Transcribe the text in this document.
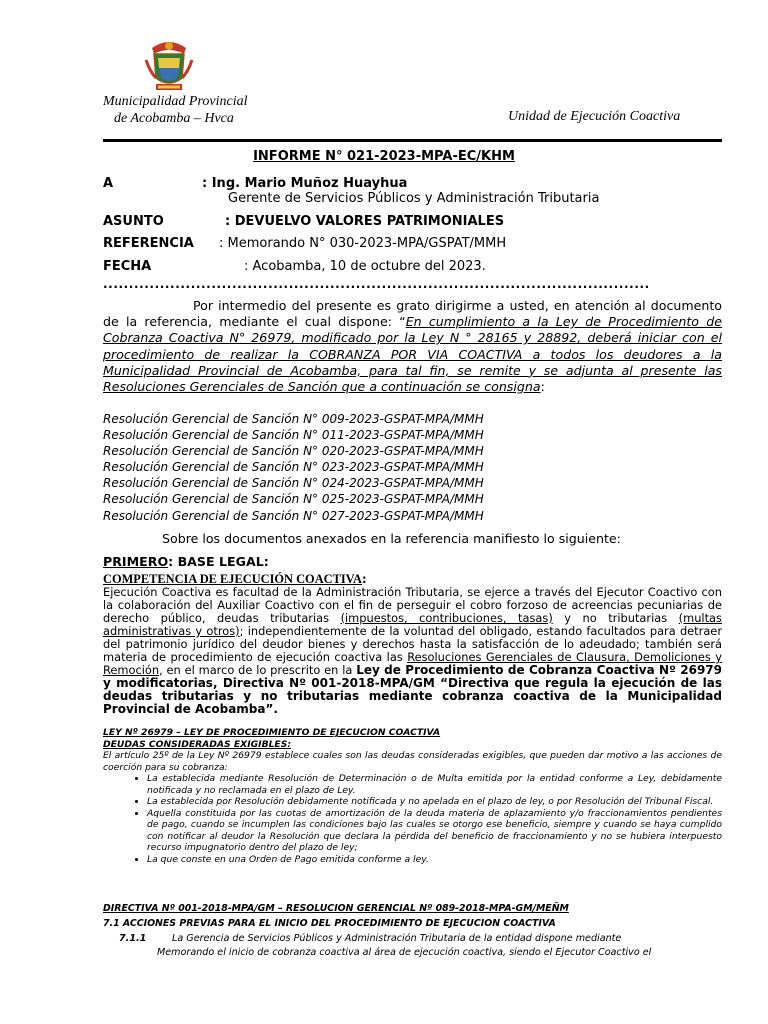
Municipalidad Provincial
de Acobamba – Hvca	Unidad de Ejecución Coactiva
INFORME N° 021-2023-MPA-EC/KHM
A	: Ing. Mario Muñoz Huayhua
Gerente de Servicios Públicos y Administración Tributaria
ASUNTO	: DEVUELVO VALORES PATRIMONIALES
REFERENCIA : Memorando N° 030-2023-MPA/GSPAT/MMH
FECHA	: Acobamba, 10 de octubre del 2023.
..........................................................................................................
Por intermedio del presente es grato dirigirme a usted, en atención al documento de la referencia, mediante el cual dispone: “En cumplimiento a la Ley de Procedimiento de Cobranza Coactiva N° 26979, modificado por la Ley N ° 28165 y 28892, deberá iniciar con el procedimiento de realizar la COBRANZA POR VIA COACTIVA a todos los deudores a la Municipalidad Provincial de Acobamba, para tal fin, se remite y se adjunta al presente las Resoluciones Gerenciales de Sanción que a continuación se consigna:
Resolución Gerencial de Sanción N° 009-2023-GSPAT-MPA/MMH
Resolución Gerencial de Sanción N° 011-2023-GSPAT-MPA/MMH
Resolución Gerencial de Sanción N° 020-2023-GSPAT-MPA/MMH
Resolución Gerencial de Sanción N° 023-2023-GSPAT-MPA/MMH
Resolución Gerencial de Sanción N° 024-2023-GSPAT-MPA/MMH
Resolución Gerencial de Sanción N° 025-2023-GSPAT-MPA/MMH
Resolución Gerencial de Sanción N° 027-2023-GSPAT-MPA/MMH
Sobre los documentos anexados en la referencia manifiesto lo siguiente:
PRIMERO: BASE LEGAL:
COMPETENCIA DE EJECUCIÓN COACTIVA:
Ejecución Coactiva es facultad de la Administración Tributaria, se ejerce a través del Ejecutor Coactivo con la colaboración del Auxiliar Coactivo con el fin de perseguir el cobro forzoso de acreencias pecuniarias de derecho público, deudas tributarias (impuestos, contribuciones, tasas) y no tributarias (multas administrativas y otros); independientemente de la voluntad del obligado, estando facultados para detraer del patrimonio jurídico del deudor bienes y derechos hasta la satisfacción de lo adeudado; también será materia de procedimiento de ejecución coactiva las Resoluciones Gerenciales de Clausura, Demoliciones y Remoción, en el marco de lo prescrito en la Ley de Procedimiento de Cobranza Coactiva Nº 26979 y modificatorias, Directiva Nº 001-2018-MPA/GM “Directiva que regula la ejecución de las deudas tributarias y no tributarias mediante cobranza coactiva de la Municipalidad Provincial de Acobamba”.
LEY Nº 26979 – LEY DE PROCEDIMIENTO DE EJECUCION COACTIVA
DEUDAS CONSIDERADAS EXIGIBLES:
El artículo 25º de la Ley Nº 26979 establece cuales son las deudas consideradas exigibles, que pueden dar motivo a las acciones de coerción para su cobranza:
• La establecida mediante Resolución de Determinación o de Multa emitida por la entidad conforme a Ley, debidamente notificada y no reclamada en el plazo de Ley.
• La establecida por Resolución debidamente notificada y no apelada en el plazo de ley, o por Resolución del Tribunal Fiscal.
• Aquella constituida por las cuotas de amortización de la deuda materia de aplazamiento y/o fraccionamientos pendientes de pago, cuando se incumplen las condiciones bajo las cuales se otorgo ese beneficio, siempre y cuando se haya cumplido con notificar al deudor la Resolución que declara la pérdida del beneficio de fraccionamiento y no se hubiera interpuesto recurso impugnatorio dentro del plazo de ley;
• La que conste en una Orden de Pago emitida conforme a ley.
DIRECTIVA Nº 001-2018-MPA/GM – RESOLUCION GERENCIAL Nº 089-2018-MPA-GM/MEÑM
7.1 ACCIONES PREVIAS PARA EL INICIO DEL PROCEDIMIENTO DE EJECUCION COACTIVA
7.1.1	La Gerencia de Servicios Públicos y Administración Tributaria de la entidad dispone mediante
Memorando el inicio de cobranza coactiva al área de ejecución coactiva, siendo el Ejecutor Coactivo el
